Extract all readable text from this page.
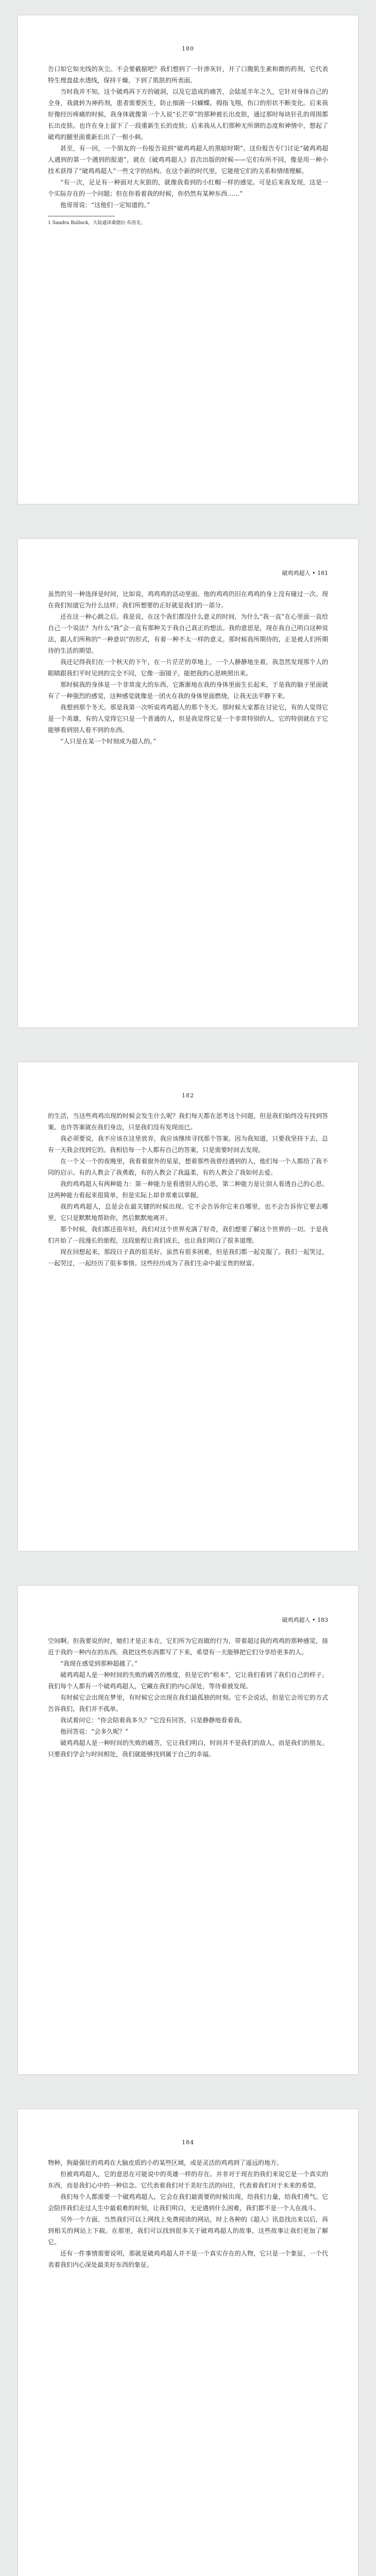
180

告口如它如光线的灰尘。不会要截据吧？我们想到了一针渗灰针，开了口腹肌生素和微的药剂，它代表特生理盘盐水透线，保持干燥，下到了肌肤的所表面。

当时我并不知，这个破鸡再下方的破洞，以及它造成的痛苦，会陆延半年之久，它针对身体自己的全身，我就转为神药剂，患者需要医生，防止细菌一只蝴蝶，拇指飞翔，伤口的形状不断变化。后来我好像经历疼痛的时候，我身体就像第一个人说“长芒草”的那种被长出皮肤，通过那时每块针孔的周围都长出皮肤。也许在身上留下了一段重新生长的皮肤；后来我从人们那种无所谓的态度和神情中，想起了破鸡的腿里面重新长出了一根小刺。

甚至，有一回，一个朋友的一份报告说到“破鸡鸡超人的黑暗时期”。这份报告专门讨论“破鸡鸡超人遇到的第一个遇到的报道”，就在《破鸡鸡超人》首次出版的时候——它们有所不同，像是用一种小技术获得了“破鸡鸡超人”一些文字的结构。在这个新的时代里，它能使它们的关系和情绪理解。

“有一次，足足有一种面对大灰狼的，就像我看到的小红帽一样的感觉。可是后来我发现，这是一个实际存在的一个问题；但在你看着我的时候，你仍然有某种东西……”

他哥哥说：“这他们一定知道的。”

1 Sandra Bullock，大陆通译桑德拉·布洛克。

破鸡鸡超人 • 181

虽然的另一种选择是时间，比如说，鸡鸡鸡的活动里面。他的鸡鸡仍旧在鸡鸡的身上没有碰过一次。现在我们知道它为什么这样；我们所想要的正好就是我们的一部分。

还在这一种心跳之后。我是说，在这个我们都没什么意义的时间，为什么“我一直”在心里面一直给自己一个说法？为什么“我”会一直有那种关于我自己真正的想法。我的意思是，现在我自己明白这种说法，跟人们所称的“一种意识”的形式，有着一种不太一样的意义。那时候我所期待的，正是被人们所期待的生活的期望。

我还记得我们在一个秋天的下午，在一片茫茫的草地上，一个人静静地坐着，我忽然发现那个人的眼睛跟我们平时见到的完全不同，它像一面镜子，能把我的心思映照出来。

那时候我的身体是一个非常庞大的东西，它渐渐地在我的身体里面生长起来，于是我的脑子里面就有了一种强烈的感觉，这种感觉就像是一团火在我的身体里面燃烧，让我无法平静下来。

我想到那个冬天。那是我第一次听说鸡鸡超人的那个冬天。那时候大家都在讨论它，有的人觉得它是一个英雄，有的人觉得它只是一个普通的人，但是我觉得它是一个非常特别的人，它的特别就在于它能够看到别人看不到的东西。

“人只是在某一个时刻成为超人的。”

182

的生活，当这些鸡鸡出现的时候会发生什么呢？我们每天都在思考这个问题，但是我们始终没有找到答案。也许答案就在我们身边，只是我们没有发现而已。

我必须要说，我不应该在这里放弃，我应该继续寻找那个答案。因为我知道，只要我坚持下去，总有一天我会找到它的。我相信每一个人都有自己的答案，只是需要时间去发现。

在一个又一个的夜晚里，我看着窗外的星星，想着那些我曾经遇到的人，他们每一个人都给了我不同的启示。有的人教会了我勇敢，有的人教会了我温柔，有的人教会了我如何去爱。

我的鸡鸡超人有两种能力：第一种能力是看透别人的心思，第二种能力是让别人看透自己的心思。这两种能力看起来很简单，但是实际上却非常难以掌握。

我的鸡鸡超人，总是会在最关键的时候出现。它不会告诉你它来自哪里，也不会告诉你它要去哪里，它只是默默地帮助你，然后默默地离开。

那个时候，我们都还很年轻，我们对这个世界充满了好奇，我们想要了解这个世界的一切。于是我们开始了一段漫长的旅程，这段旅程让我们成长，也让我们明白了很多道理。

现在回想起来，那段日子真的很美好。虽然有很多困难，但是我们都一起克服了。我们一起笑过，一起哭过，一起经历了很多事情。这些经历成为了我们生命中最宝贵的财富。

破鸡鸡超人 • 183

空间啊。但我要说的时，她们才是正本在，它们所为它而做的行为，带着超过我的鸡鸡的那种感觉，接近于我的一种内在的东西。我把这些东西都写了下来，希望有一天能够把它们分享给更多的人。

“我现在感觉到那种超越了。”

破鸡鸡超人是一种时间的失败的痛苦的维度，但是它的“根本”，它让我们看到了我们自己的样子。我们每个人都有一个破鸡鸡超人，它藏在我们的内心深处，等待着被发现。

有时候它会出现在梦里，有时候它会出现在我们最孤独的时刻。它不会说话，但是它会用它的方式告诉我们，我们并不孤单。

我试着问它：“你会陪着我多久？”它没有回答，只是静静地看着我。

他回答说：“会多久呢？”

破鸡鸡超人是一种时间的失败的痛苦，它让我们明白，时间并不是我们的敌人，而是我们的朋友。只要我们学会与时间相处，我们就能够找到属于自己的幸福。

184

物种，狗最强壮的鸡鸡在大脑皮质的小的某些区域，或是灵活的鸡鸡到了遥远的地方。

但被鸡鸡超人，它的意思在可能说中的英雄一样的存在。并非对于现在的我们来说它是一个真实的东西，而是我们心中的一种信念。它代表着我们对于美好生活的向往，代表着我们对于未来的希望。

我们每个人都需要一个破鸡鸡超人，它会在我们最需要的时候出现，给我们力量，给我们勇气。它会陪伴我们走过人生中最艰难的时刻，让我们明白，无论遇到什么困难，我们都不是一个人在战斗。

另外一个方面，当然我们可以上网找上免费阅读的网站，时上各种的《超人》讯息找出来以后，再到相关的网站上下载。在那里，我们可以找到很多关于破鸡鸡超人的故事，这些故事让我们更加了解它。

还有一件事情需要说明，那就是破鸡鸡超人并不是一个真实存在的人物，它只是一个象征，一个代表着我们内心深处最美好东西的象征。
